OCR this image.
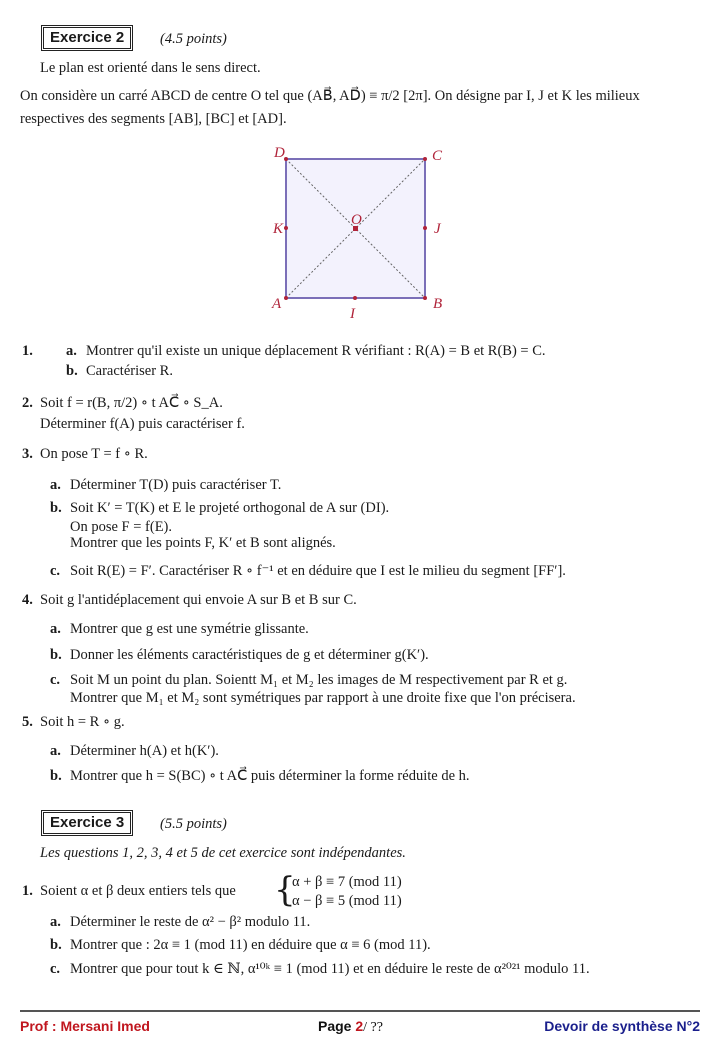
Exercice 2	(4.5 points)
Le plan est orienté dans le sens direct.
On considère un carré ABCD de centre O tel que (AB⃗, AD⃗) ≡ π/2 [2π]. On désigne par I, J et K les milieux
respectives des segments [AB], [BC] et [AD].
D	C
A	B
O
I
J
K
1. a. Montrer qu'il existe un unique déplacement R vérifiant : R(A) = B et R(B) = C.
b. Caractériser R.
2. Soit f = r(B, π/2) ∘ t AC⃗ ∘ S_A.
Déterminer f(A) puis caractériser f.
3. On pose T = f ∘ R.
a. Déterminer T(D) puis caractériser T.
b. Soit K′ = T(K) et E le projeté orthogonal de A sur (DI).
On pose F = f(E).
Montrer que les points F, K′ et B sont alignés.
c. Soit R(E) = F′. Caractériser R ∘ f⁻¹ et en déduire que I est le milieu du segment [FF′].
4. Soit g l'antidéplacement qui envoie A sur B et B sur C.
a. Montrer que g est une symétrie glissante.
b. Donner les éléments caractéristiques de g et déterminer g(K′).
c. Soit M un point du plan. Soientt M₁ et M₂ les images de M respectivement par R et g.
Montrer que M₁ et M₂ sont symétriques par rapport à une droite fixe que l'on précisera.
5. Soit h = R ∘ g.
a. Déterminer h(A) et h(K′).
b. Montrer que h = S(BC) ∘ t AC⃗ puis déterminer la forme réduite de h.
Exercice 3	(5.5 points)
Les questions 1, 2, 3, 4 et 5 de cet exercice sont indépendantes.
1. Soient α et β deux entiers tels que {
α + β ≡ 7 (mod 11)
α − β ≡ 5 (mod 11)
a. Déterminer le reste de α² − β² modulo 11.
b. Montrer que : 2α ≡ 1 (mod 11) en déduire que α ≡ 6 (mod 11).
c. Montrer que pour tout k ∈ ℕ, α¹⁰ᵏ ≡ 1 (mod 11) et en déduire le reste de α²⁰²¹ modulo 11.
Prof : Mersani Imed	Page 2/ ??	Devoir de synthèse N°2
